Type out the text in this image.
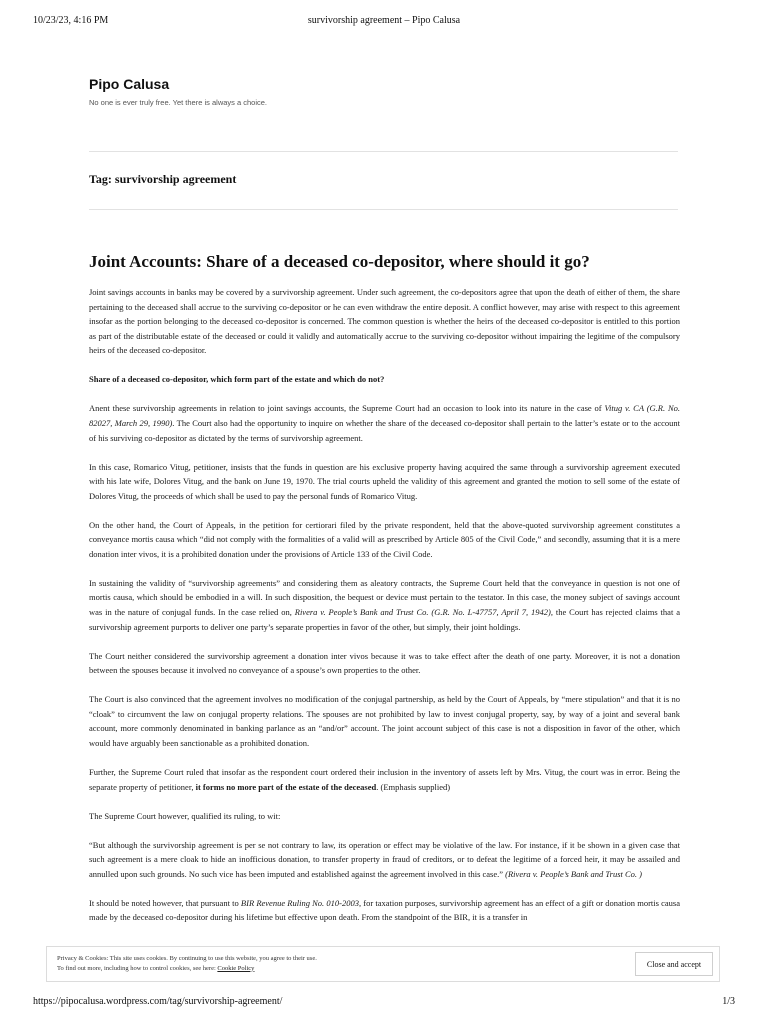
10/23/23, 4:16 PM	survivorship agreement – Pipo Calusa
Pipo Calusa
No one is ever truly free. Yet there is always a choice.
Tag: survivorship agreement
Joint Accounts: Share of a deceased co-depositor, where should it go?

Joint savings accounts in banks may be covered by a survivorship agreement. Under such agreement, the co-depositors agree that upon the death of either of them, the share pertaining to the deceased shall accrue to the surviving co-depositor or he can even withdraw the entire deposit. A conflict however, may arise with respect to this agreement insofar as the portion belonging to the deceased co-depositor is concerned. The common question is whether the heirs of the deceased co-depositor is entitled to this portion as part of the distributable estate of the deceased or could it validly and automatically accrue to the surviving co-depositor without impairing the legitime of the compulsory heirs of the deceased co-depositor.

Share of a deceased co-depositor, which form part of the estate and which do not?

Anent these survivorship agreements in relation to joint savings accounts, the Supreme Court had an occasion to look into its nature in the case of Vitug v. CA (G.R. No. 82027, March 29, 1990). The Court also had the opportunity to inquire on whether the share of the deceased co-depositor shall pertain to the latter’s estate or to the account of his surviving co-depositor as dictated by the terms of survivorship agreement.

In this case, Romarico Vitug, petitioner, insists that the funds in question are his exclusive property having acquired the same through a survivorship agreement executed with his late wife, Dolores Vitug, and the bank on June 19, 1970. The trial courts upheld the validity of this agreement and granted the motion to sell some of the estate of Dolores Vitug, the proceeds of which shall be used to pay the personal funds of Romarico Vitug.

On the other hand, the Court of Appeals, in the petition for certiorari filed by the private respondent, held that the above-quoted survivorship agreement constitutes a conveyance mortis causa which “did not comply with the formalities of a valid will as prescribed by Article 805 of the Civil Code,” and secondly, assuming that it is a mere donation inter vivos, it is a prohibited donation under the provisions of Article 133 of the Civil Code.

In sustaining the validity of “survivorship agreements” and considering them as aleatory contracts, the Supreme Court held that the conveyance in question is not one of mortis causa, which should be embodied in a will. In such disposition, the bequest or device must pertain to the testator. In this case, the money subject of savings account was in the nature of conjugal funds. In the case relied on, Rivera v. People’s Bank and Trust Co. (G.R. No. L-47757, April 7, 1942), the Court has rejected claims that a survivorship agreement purports to deliver one party’s separate properties in favor of the other, but simply, their joint holdings.

The Court neither considered the survivorship agreement a donation inter vivos because it was to take effect after the death of one party. Moreover, it is not a donation between the spouses because it involved no conveyance of a spouse’s own properties to the other.

The Court is also convinced that the agreement involves no modification of the conjugal partnership, as held by the Court of Appeals, by “mere stipulation” and that it is no “cloak” to circumvent the law on conjugal property relations. The spouses are not prohibited by law to invest conjugal property, say, by way of a joint and several bank account, more commonly denominated in banking parlance as an “and/or” account. The joint account subject of this case is not a disposition in favor of the other, which would have arguably been sanctionable as a prohibited donation.

Further, the Supreme Court ruled that insofar as the respondent court ordered their inclusion in the inventory of assets left by Mrs. Vitug, the court was in error. Being the separate property of petitioner, it forms no more part of the estate of the deceased. (Emphasis supplied)

The Supreme Court however, qualified its ruling, to wit:

“But although the survivorship agreement is per se not contrary to law, its operation or effect may be violative of the law. For instance, if it be shown in a given case that such agreement is a mere cloak to hide an inofficious donation, to transfer property in fraud of creditors, or to defeat the legitime of a forced heir, it may be assailed and annulled upon such grounds. No such vice has been imputed and established against the agreement involved in this case.” (Rivera v. People’s Bank and Trust Co. )

It should be noted however, that pursuant to BIR Revenue Ruling No. 010-2003, for taxation purposes, survivorship agreement has an effect of a gift or donation mortis causa made by the deceased co-depositor during his lifetime but effective upon death. From the standpoint of the BIR, it is a transfer in

Privacy & Cookies: This site uses cookies. By continuing to use this website, you agree to their use.
To find out more, including how to control cookies, see here: Cookie Policy	Close and accept
https://pipocalusa.wordpress.com/tag/survivorship-agreement/	1/3
